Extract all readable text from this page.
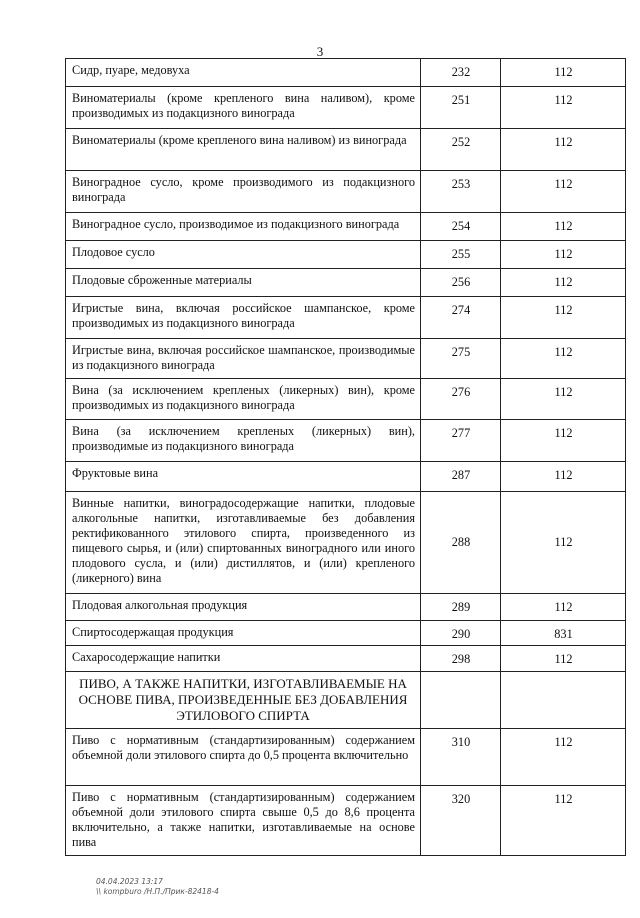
3
Сидр, пуаре, медовуха	232	112
Виноматериалы (кроме крепленого вина наливом), кроме производимых из подакцизного винограда	251	112
Виноматериалы (кроме крепленого вина наливом) из винограда	252	112
Виноградное сусло, кроме производимого из подакцизного винограда	253	112
Виноградное сусло, производимое из подакцизного винограда	254	112
Плодовое сусло	255	112
Плодовые сброженные материалы	256	112
Игристые вина, включая российское шампанское, кроме производимых из подакцизного винограда	274	112
Игристые вина, включая российское шампанское, производимые из подакцизного винограда	275	112
Вина (за исключением крепленых (ликерных) вин), кроме производимых из подакцизного винограда	276	112
Вина (за исключением крепленых (ликерных) вин), производимые из подакцизного винограда	277	112
Фруктовые вина	287	112
Винные напитки, виноградосодержащие напитки, плодовые алкогольные напитки, изготавливаемые без добавления ректификованного этилового спирта, произведенного из пищевого сырья, и (или) спиртованных виноградного или иного плодового сусла, и (или) дистиллятов, и (или) крепленого (ликерного) вина	288	112
Плодовая алкогольная продукция	289	112
Спиртосодержащая продукция	290	831
Сахаросодержащие напитки	298	112
ПИВО, А ТАКЖЕ НАПИТКИ, ИЗГОТАВЛИВАЕМЫЕ НА ОСНОВЕ ПИВА, ПРОИЗВЕДЕННЫЕ БЕЗ ДОБАВЛЕНИЯ ЭТИЛОВОГО СПИРТА		
Пиво с нормативным (стандартизированным) содержанием объемной доли этилового спирта до 0,5 процента включительно	310	112
Пиво с нормативным (стандартизированным) содержанием объемной доли этилового спирта свыше 0,5 до 8,6 процента включительно, а также напитки, изготавливаемые на основе пива	320	112
04.04.2023 13:17
\\ kompburo /Н.П./Прик-82418-4
